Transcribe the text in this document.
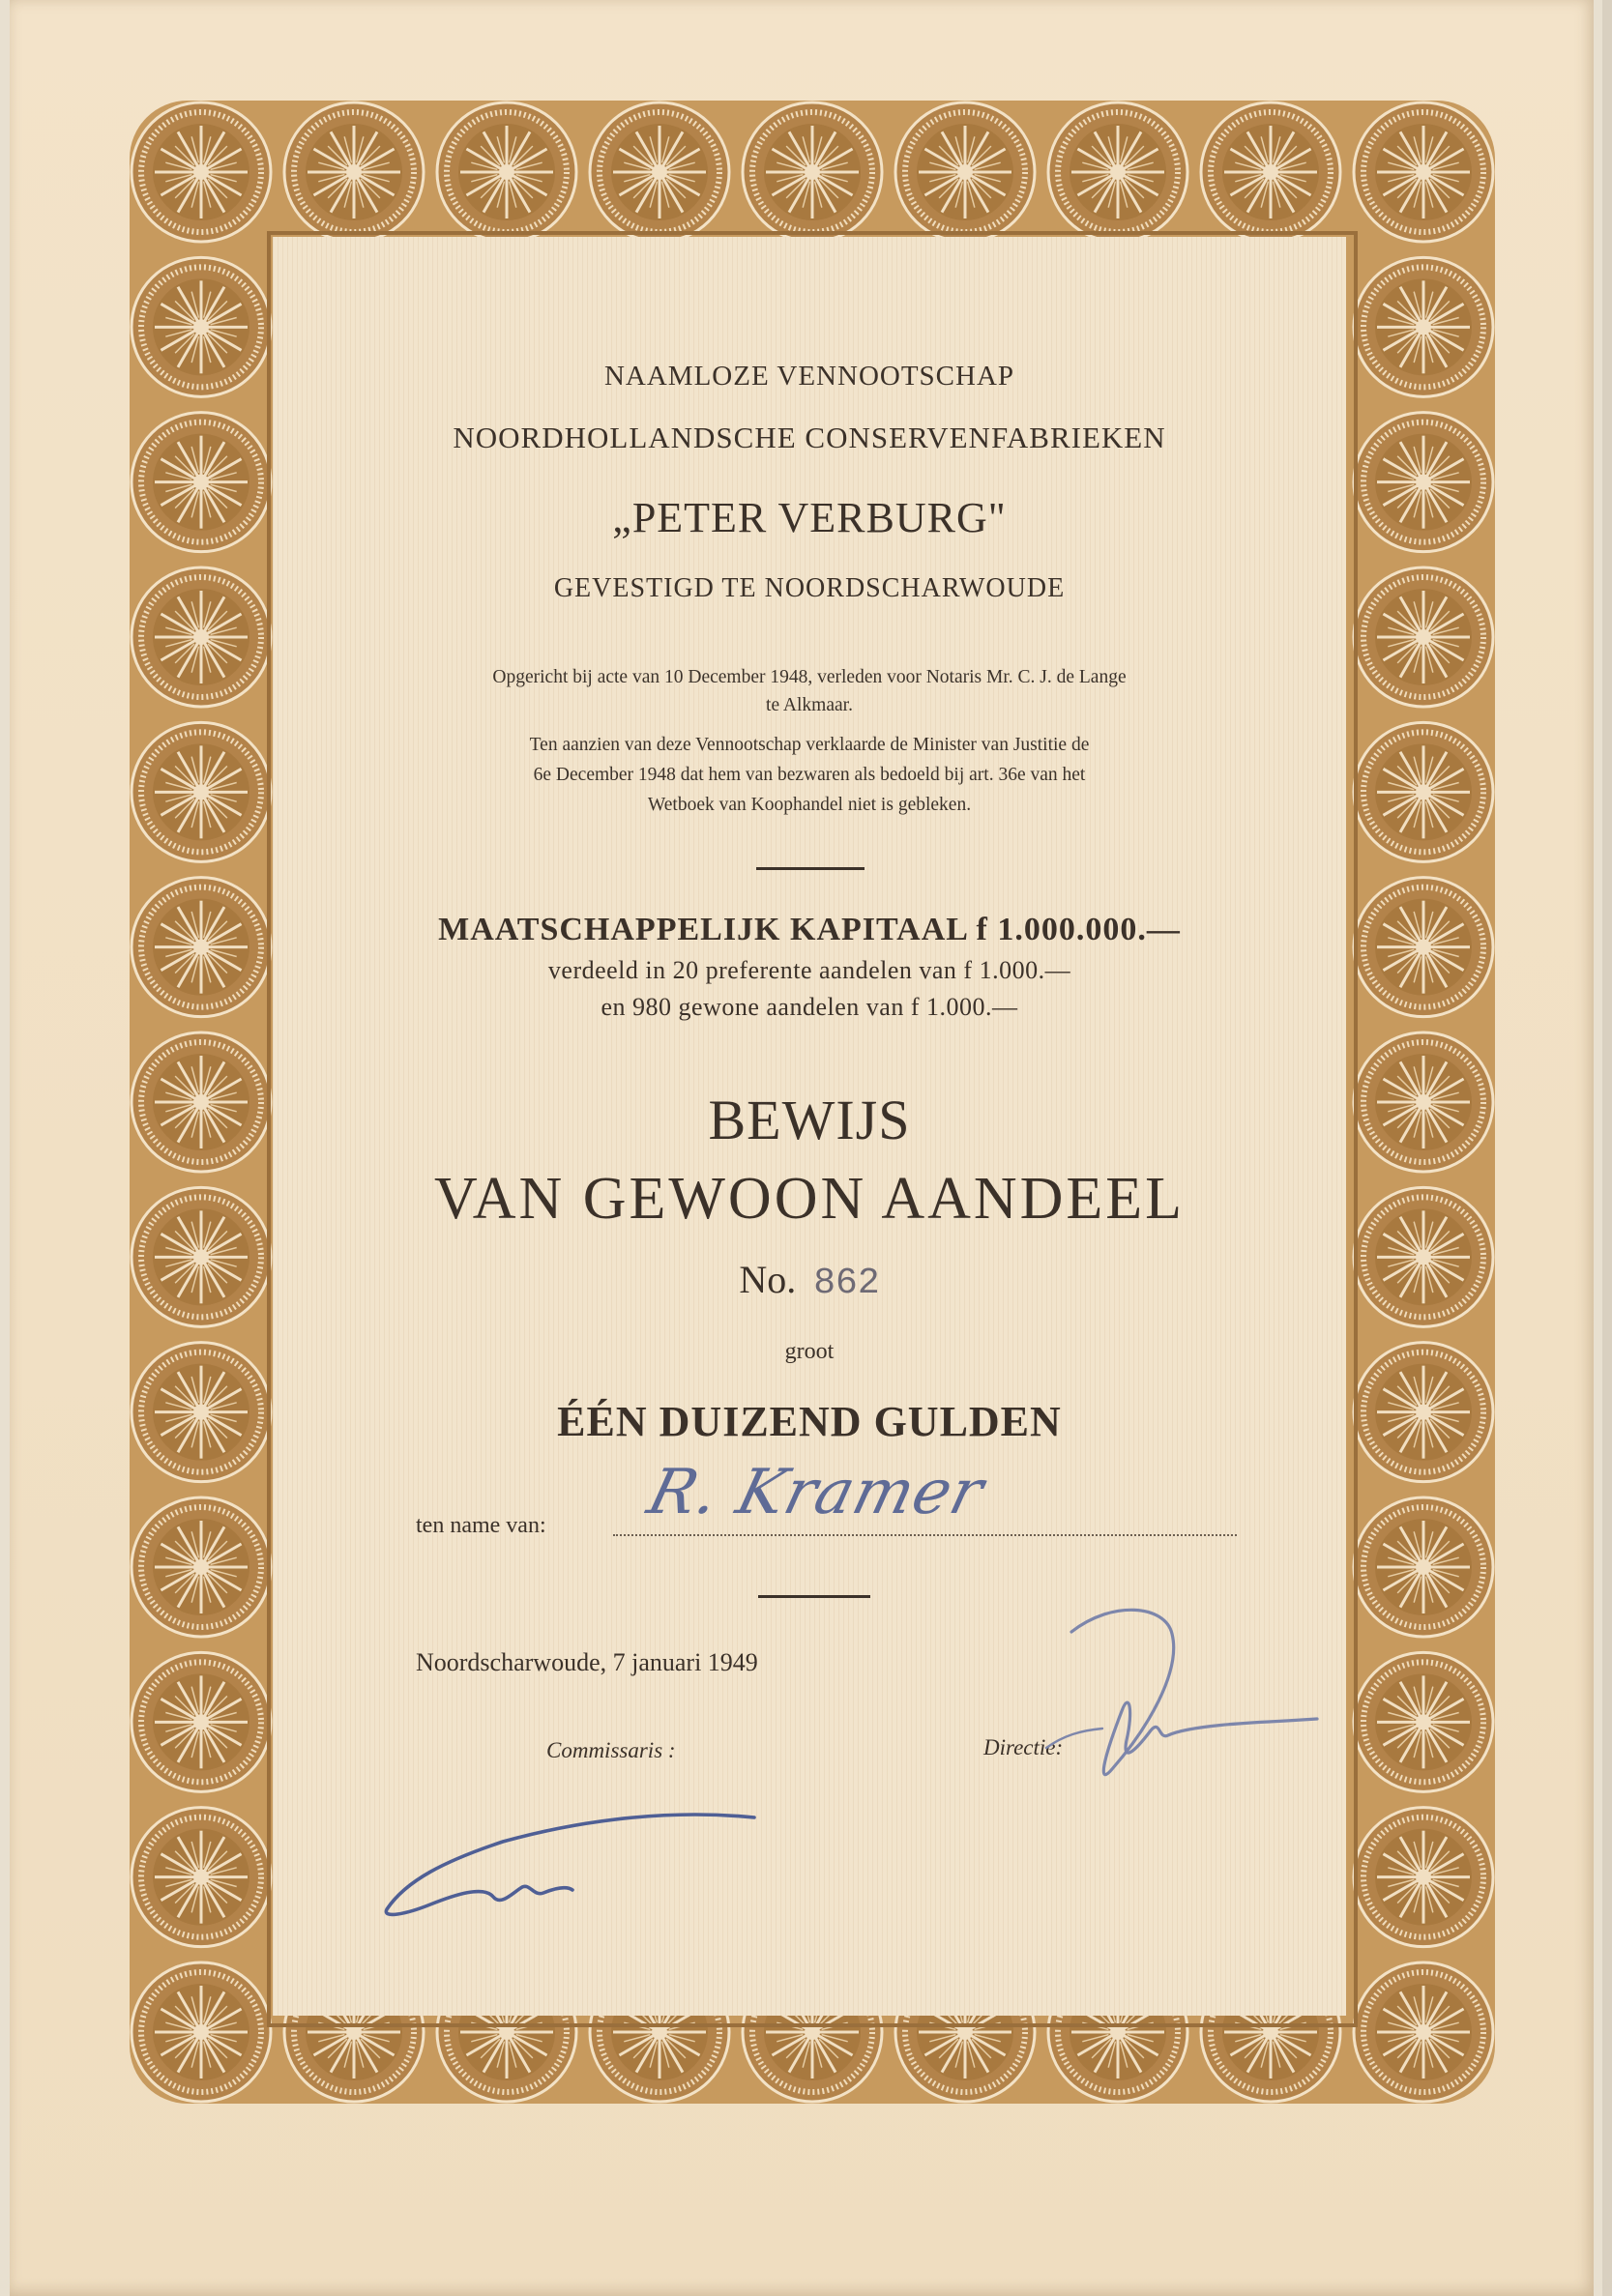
NAAMLOZE VENNOOTSCHAP
NOORDHOLLANDSCHE CONSERVENFABRIEKEN
„PETER VERBURG"
GEVESTIGD TE NOORDSCHARWOUDE
Opgericht bij acte van 10 December 1948, verleden voor Notaris Mr. C. J. de Lange
te Alkmaar.
Ten aanzien van deze Vennootschap verklaarde de Minister van Justitie de
6e December 1948 dat hem van bezwaren als bedoeld bij art. 36e van het
Wetboek van Koophandel niet is gebleken.
MAATSCHAPPELIJK KAPITAAL f 1.000.000.—
verdeeld in 20 preferente aandelen van f 1.000.—
en 980 gewone aandelen van f 1.000.—
BEWIJS
VAN GEWOON AANDEEL
No. 862
groot
ÉÉN DUIZEND GULDEN
ten name van: R. Kramer
Noordscharwoude, 7 januari 1949
Commissaris :	Directie:
